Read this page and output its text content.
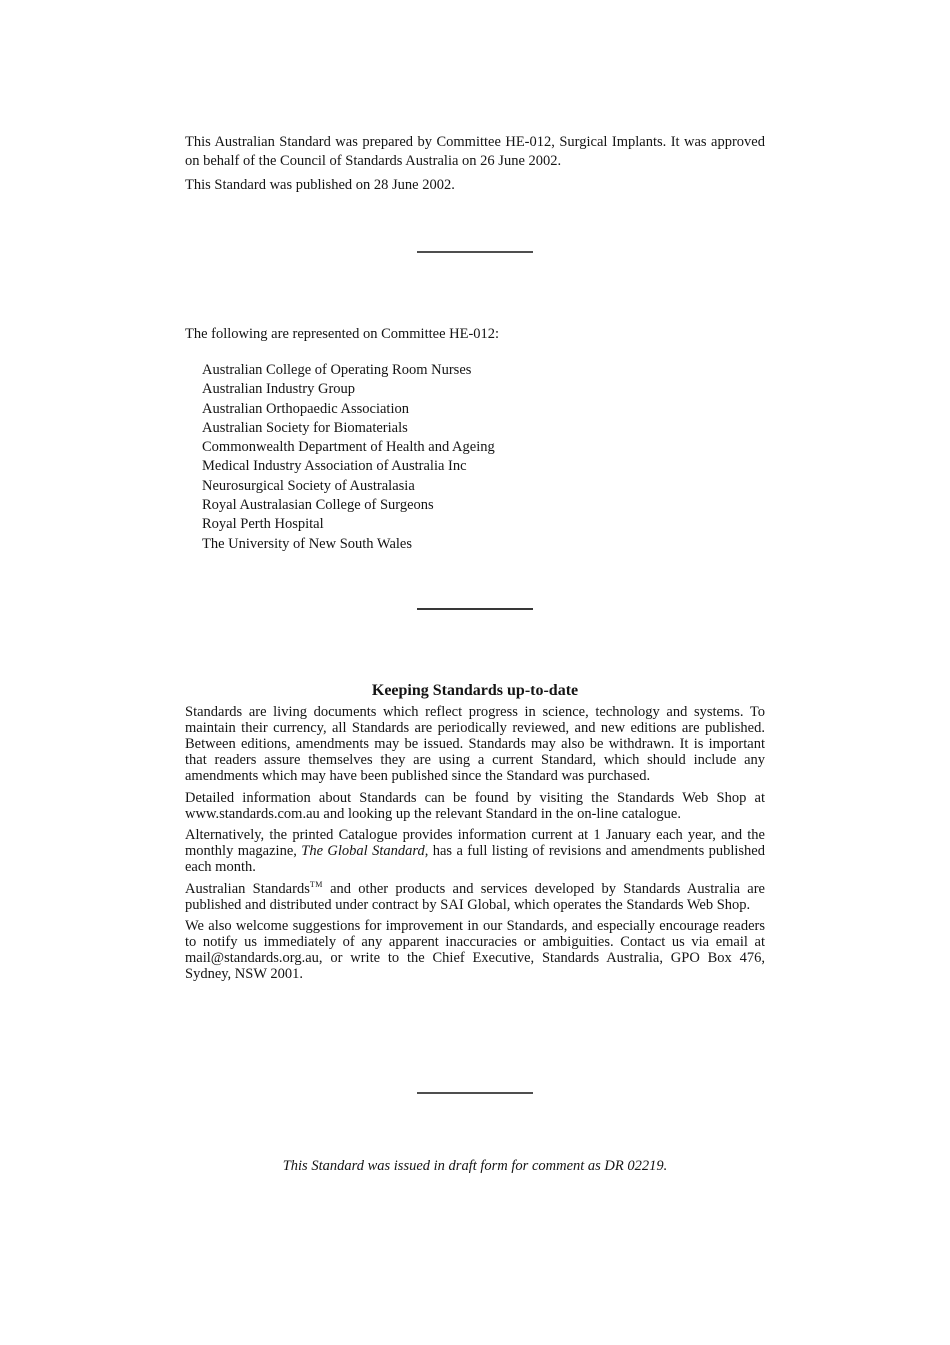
This Australian Standard was prepared by Committee HE-012, Surgical Implants. It was approved on behalf of the Council of Standards Australia on 26 June 2002.

This Standard was published on 28 June 2002.

The following are represented on Committee HE-012:

Australian College of Operating Room Nurses
Australian Industry Group
Australian Orthopaedic Association
Australian Society for Biomaterials
Commonwealth Department of Health and Ageing
Medical Industry Association of Australia Inc
Neurosurgical Society of Australasia
Royal Australasian College of Surgeons
Royal Perth Hospital
The University of New South Wales
Keeping Standards up-to-date

Standards are living documents which reflect progress in science, technology and systems. To maintain their currency, all Standards are periodically reviewed, and new editions are published. Between editions, amendments may be issued. Standards may also be withdrawn. It is important that readers assure themselves they are using a current Standard, which should include any amendments which may have been published since the Standard was purchased.

Detailed information about Standards can be found by visiting the Standards Web Shop at www.standards.com.au and looking up the relevant Standard in the on-line catalogue.

Alternatively, the printed Catalogue provides information current at 1 January each year, and the monthly magazine, The Global Standard, has a full listing of revisions and amendments published each month.

Australian Standards™ and other products and services developed by Standards Australia are published and distributed under contract by SAI Global, which operates the Standards Web Shop.

We also welcome suggestions for improvement in our Standards, and especially encourage readers to notify us immediately of any apparent inaccuracies or ambiguities. Contact us via email at mail@standards.org.au, or write to the Chief Executive, Standards Australia, GPO Box 476, Sydney, NSW 2001.

This Standard was issued in draft form for comment as DR 02219.
